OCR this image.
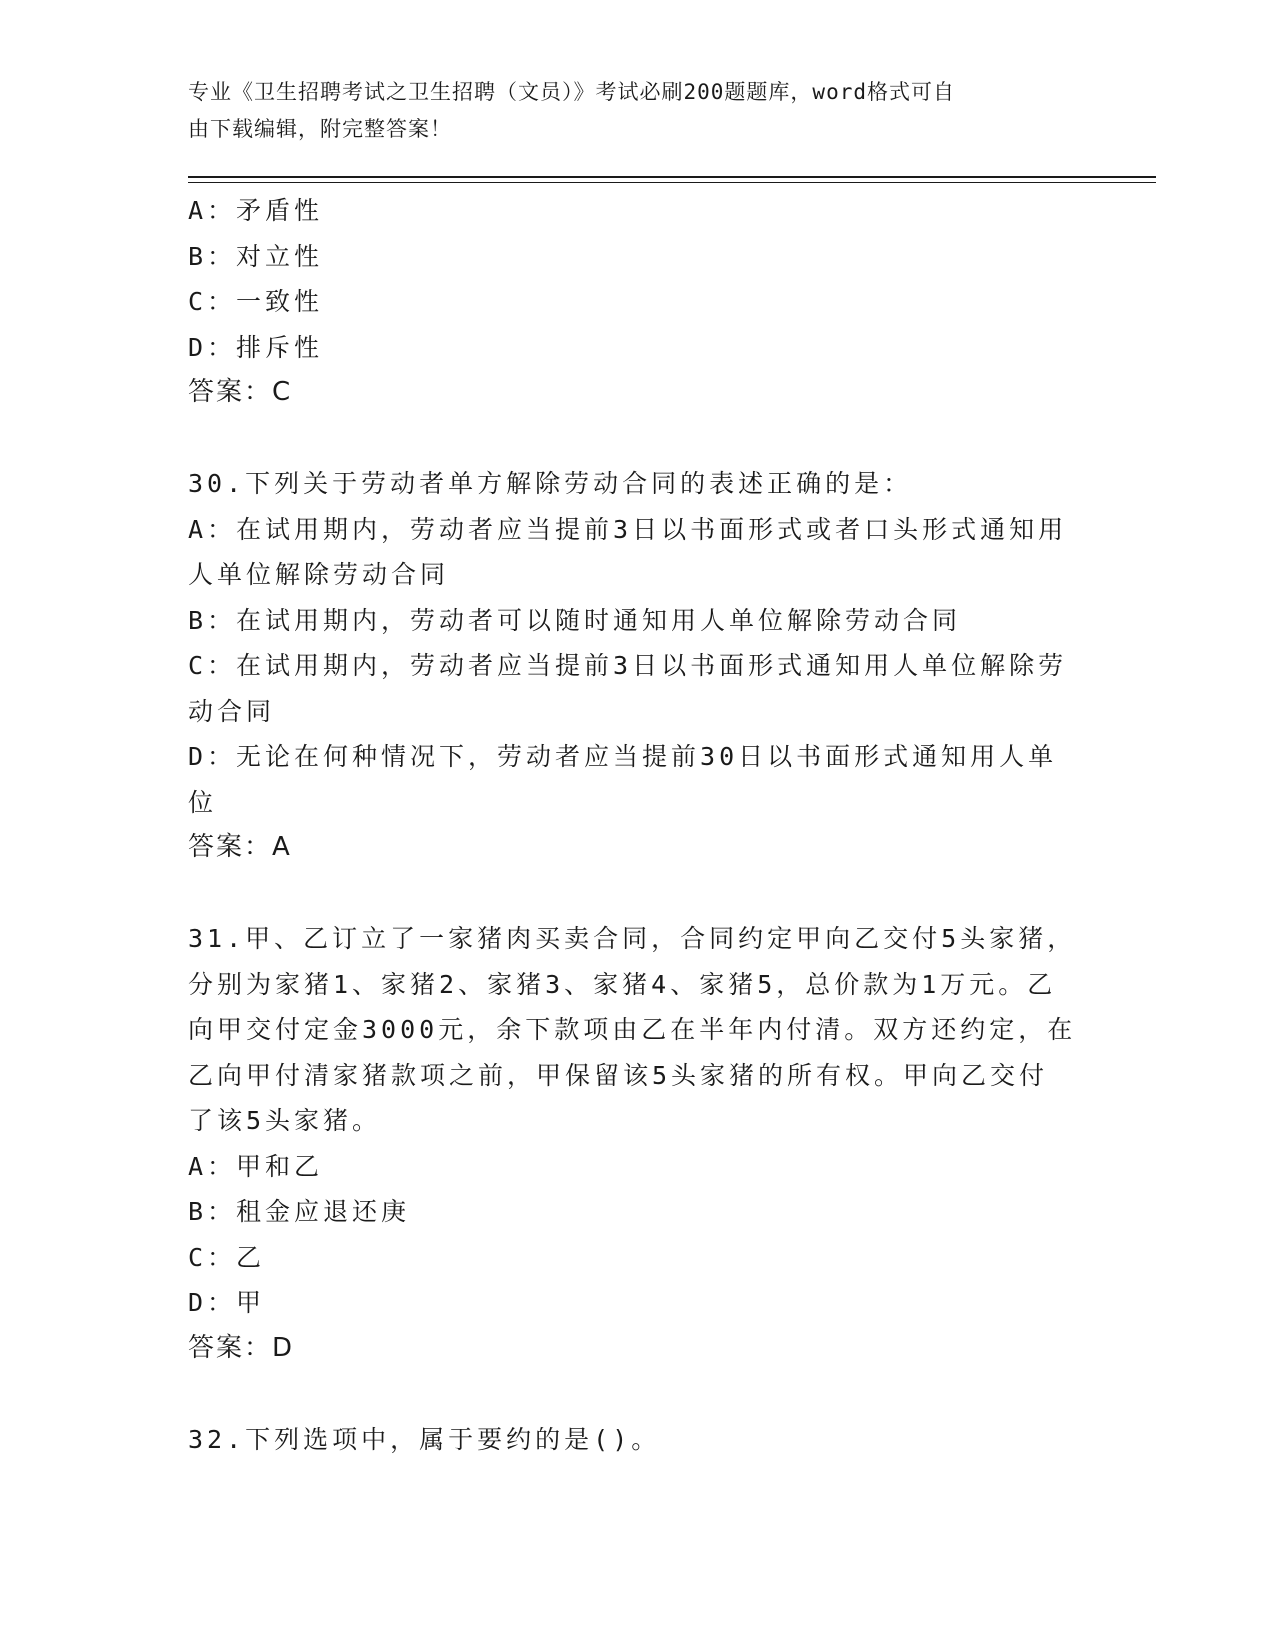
专业《卫生招聘考试之卫生招聘（文员）》考试必刷200题题库，word格式可自
由下载编辑，附完整答案！

A：矛盾性

B：对立性

C：一致性

D：排斥性

答案：C

30.下列关于劳动者单方解除劳动合同的表述正确的是：

A：在试用期内，劳动者应当提前3日以书面形式或者口头形式通知用

人单位解除劳动合同

B：在试用期内，劳动者可以随时通知用人单位解除劳动合同

C：在试用期内，劳动者应当提前3日以书面形式通知用人单位解除劳

动合同

D：无论在何种情况下，劳动者应当提前30日以书面形式通知用人单

位

答案：A

31.甲、乙订立了一家猪肉买卖合同，合同约定甲向乙交付5头家猪，

分别为家猪1、家猪2、家猪3、家猪4、家猪5，总价款为1万元。乙

向甲交付定金3000元，余下款项由乙在半年内付清。双方还约定，在

乙向甲付清家猪款项之前，甲保留该5头家猪的所有权。甲向乙交付

了该5头家猪。

A：甲和乙

B：租金应退还庚

C：乙

D：甲

答案：D

32.下列选项中，属于要约的是()。
